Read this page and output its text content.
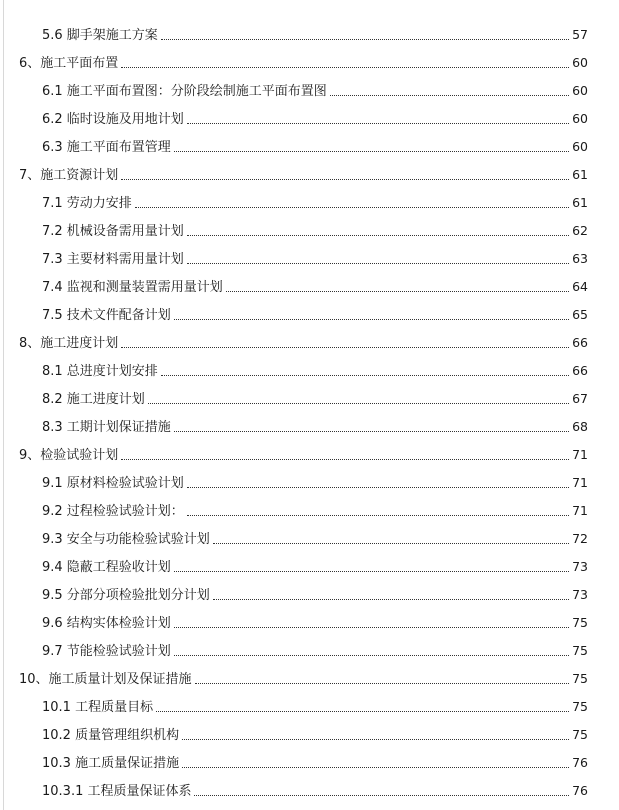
5.6 脚手架施工方案	57
6、施工平面布置	60
6.1 施工平面布置图：分阶段绘制施工平面布置图	60
6.2 临时设施及用地计划	60
6.3 施工平面布置管理	60
7、施工资源计划	61
7.1 劳动力安排	61
7.2 机械设备需用量计划	62
7.3 主要材料需用量计划	63
7.4 监视和测量装置需用量计划	64
7.5 技术文件配备计划	65
8、施工进度计划	66
8.1 总进度计划安排	66
8.2 施工进度计划	67
8.3 工期计划保证措施	68
9、检验试验计划	71
9.1 原材料检验试验计划	71
9.2 过程检验试验计划：	71
9.3 安全与功能检验试验计划	72
9.4 隐蔽工程验收计划	73
9.5 分部分项检验批划分计划	73
9.6 结构实体检验计划	75
9.7 节能检验试验计划	75
10、施工质量计划及保证措施	75
10.1 工程质量目标	75
10.2 质量管理组织机构	75
10.3 施工质量保证措施	76
10.3.1 工程质量保证体系	76
